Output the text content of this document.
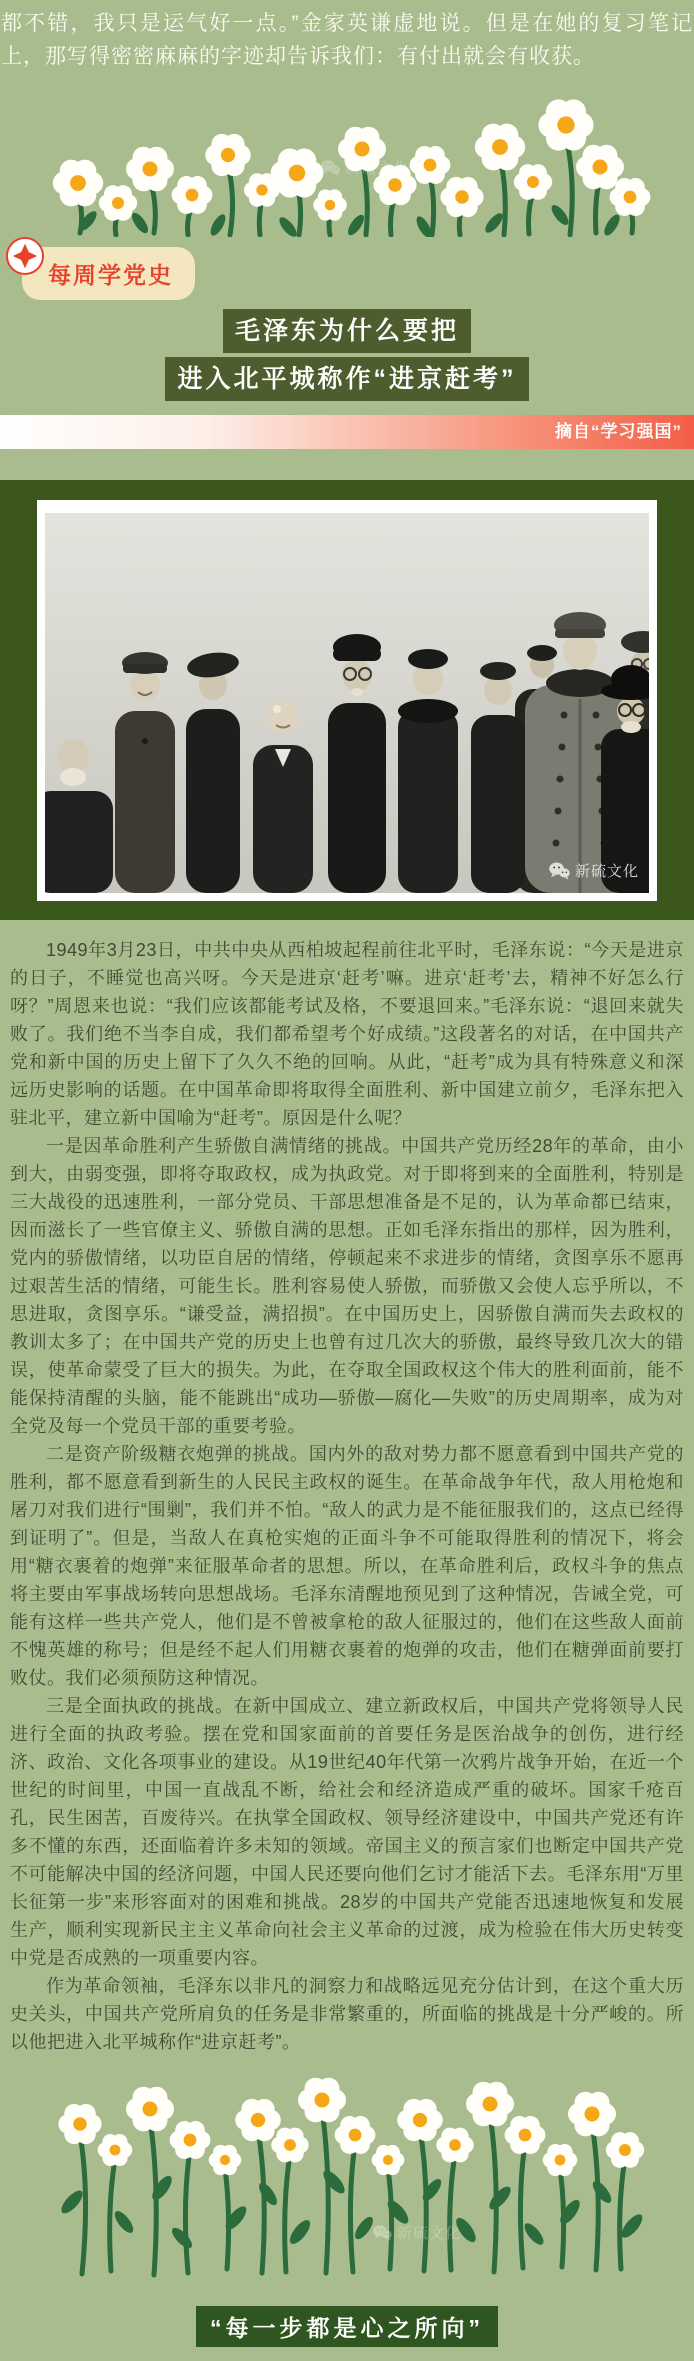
都不错，我只是运气好一点。”金家英谦虚地说。但是在她的复习笔记上，那写得密密麻麻的字迹却告诉我们：有付出就会有收获。

新硫文化
每周学党史
毛泽东为什么要把
进入北平城称作“进京赶考”
摘自“学习强国”
新硫文化

1949年3月23日，中共中央从西柏坡起程前往北平时，毛泽东说：“今天是进京的日子，不睡觉也高兴呀。今天是进京‘赶考’嘛。进京‘赶考’去，精神不好怎么行呀？”周恩来也说：“我们应该都能考试及格，不要退回来。”毛泽东说：“退回来就失败了。我们绝不当李自成，我们都希望考个好成绩。”这段著名的对话，在中国共产党和新中国的历史上留下了久久不绝的回响。从此，“赶考”成为具有特殊意义和深远历史影响的话题。在中国革命即将取得全面胜利、新中国建立前夕，毛泽东把入驻北平，建立新中国喻为“赶考”。原因是什么呢？

一是因革命胜利产生骄傲自满情绪的挑战。中国共产党历经28年的革命，由小到大，由弱变强，即将夺取政权，成为执政党。对于即将到来的全面胜利，特别是三大战役的迅速胜利，一部分党员、干部思想准备是不足的，认为革命都已结束，因而滋长了一些官僚主义、骄傲自满的思想。正如毛泽东指出的那样，因为胜利，党内的骄傲情绪，以功臣自居的情绪，停顿起来不求进步的情绪，贪图享乐不愿再过艰苦生活的情绪，可能生长。胜利容易使人骄傲，而骄傲又会使人忘乎所以，不思进取，贪图享乐。“谦受益，满招损”。在中国历史上，因骄傲自满而失去政权的教训太多了；在中国共产党的历史上也曾有过几次大的骄傲，最终导致几次大的错误，使革命蒙受了巨大的损失。为此，在夺取全国政权这个伟大的胜利面前，能不能保持清醒的头脑，能不能跳出“成功—骄傲—腐化—失败”的历史周期率，成为对全党及每一个党员干部的重要考验。

二是资产阶级糖衣炮弹的挑战。国内外的敌对势力都不愿意看到中国共产党的胜利，都不愿意看到新生的人民民主政权的诞生。在革命战争年代，敌人用枪炮和屠刀对我们进行“围剿”，我们并不怕。“敌人的武力是不能征服我们的，这点已经得到证明了”。但是，当敌人在真枪实炮的正面斗争不可能取得胜利的情况下，将会用“糖衣裹着的炮弹”来征服革命者的思想。所以，在革命胜利后，政权斗争的焦点将主要由军事战场转向思想战场。毛泽东清醒地预见到了这种情况，告诫全党，可能有这样一些共产党人，他们是不曾被拿枪的敌人征服过的，他们在这些敌人面前不愧英雄的称号；但是经不起人们用糖衣裹着的炮弹的攻击，他们在糖弹面前要打败仗。我们必须预防这种情况。

三是全面执政的挑战。在新中国成立、建立新政权后，中国共产党将领导人民进行全面的执政考验。摆在党和国家面前的首要任务是医治战争的创伤，进行经济、政治、文化各项事业的建设。从19世纪40年代第一次鸦片战争开始，在近一个世纪的时间里，中国一直战乱不断，给社会和经济造成严重的破坏。国家千疮百孔，民生困苦，百废待兴。在执掌全国政权、领导经济建设中，中国共产党还有许多不懂的东西，还面临着许多未知的领域。帝国主义的预言家们也断定中国共产党不可能解决中国的经济问题，中国人民还要向他们乞讨才能活下去。毛泽东用“万里长征第一步”来形容面对的困难和挑战。28岁的中国共产党能否迅速地恢复和发展生产，顺利实现新民主主义革命向社会主义革命的过渡，成为检验在伟大历史转变中党是否成熟的一项重要内容。

作为革命领袖，毛泽东以非凡的洞察力和战略远见充分估计到，在这个重大历史关头，中国共产党所肩负的任务是非常繁重的，所面临的挑战是十分严峻的。所以他把进入北平城称作“进京赶考”。

新硫文化
“每一步都是心之所向”
